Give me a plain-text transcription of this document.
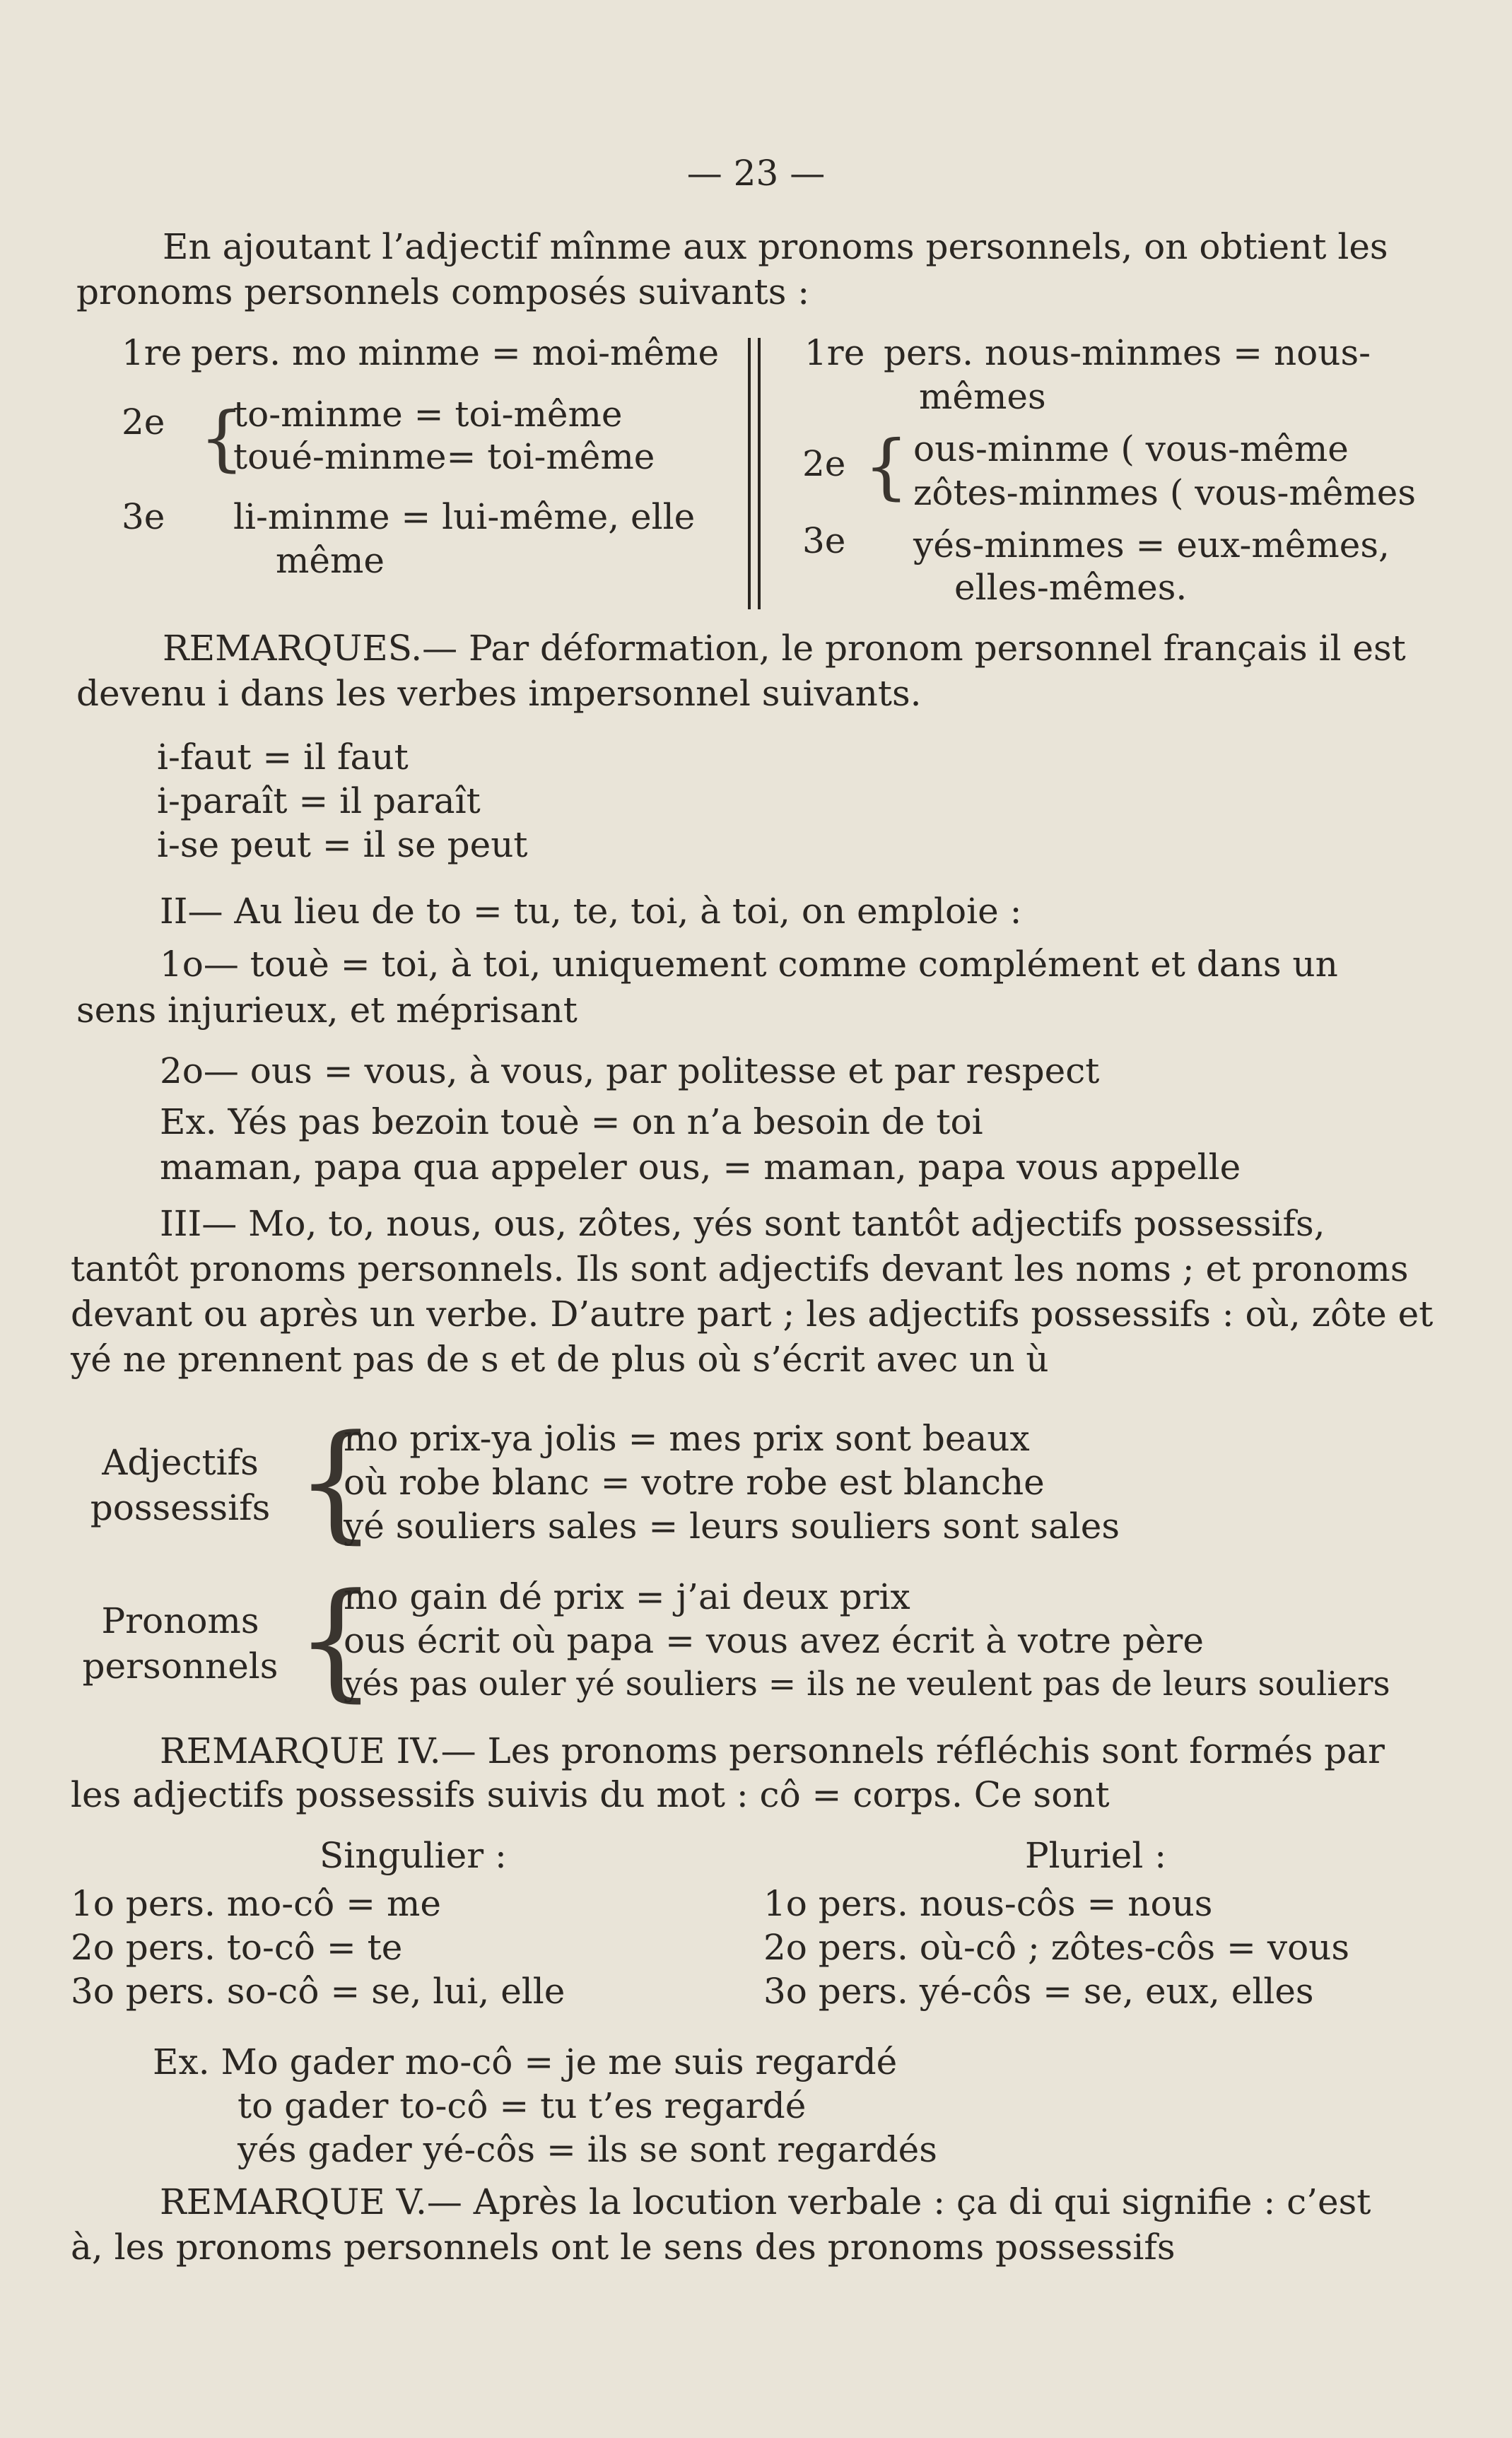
— 23 —
En ajoutant l’adjectif mînme aux pronoms personnels, on obtient les
pronoms personnels composés suivants :
1re pers. mo minme = moi-même
2e {
to-minme = toi-même
toué-minme= toi-même
3e li-minme = lui-même, elle
même
1re pers. nous-minmes = nous-
mêmes
2e { ous-minme ( vous-même
zôtes-minmes ( vous-mêmes
3e yés-minmes = eux-mêmes,
elles-mêmes.
REMARQUES.— Par déformation, le pronom personnel français il est
devenu i dans les verbes impersonnel suivants.
i-faut = il faut
i-paraît = il paraît
i-se peut = il se peut
II— Au lieu de to = tu, te, toi, à toi, on emploie :
1o— touè = toi, à toi, uniquement comme complément et dans un
sens injurieux, et méprisant
2o— ous = vous, à vous, par politesse et par respect
Ex. Yés pas bezoin touè = on n’a besoin de toi
maman, papa qua appeler ous, = maman, papa vous appelle
III— Mo, to, nous, ous, zôtes, yés sont tantôt adjectifs possessifs,
tantôt pronoms personnels. Ils sont adjectifs devant les noms ; et pronoms
devant ou après un verbe. D’autre part ; les adjectifs possessifs : où, zôte et
yé ne prennent pas de s et de plus où s’écrit avec un ù
Adjectifs
possessifs {
mo prix-ya jolis = mes prix sont beaux
où robe blanc = votre robe est blanche
yé souliers sales = leurs souliers sont sales
Pronoms
personnels {
mo gain dé prix = j’ai deux prix
ous écrit où papa = vous avez écrit à votre père
yés pas ouler yé souliers = ils ne veulent pas de leurs souliers
REMARQUE IV.— Les pronoms personnels réfléchis sont formés par
les adjectifs possessifs suivis du mot : cô = corps. Ce sont
Singulier :	Pluriel :
1o pers. mo-cô = me
2o pers. to-cô = te
3o pers. so-cô = se, lui, elle
1o pers. nous-côs = nous
2o pers. où-cô ; zôtes-côs = vous
3o pers. yé-côs = se, eux, elles
Ex. Mo gader mo-cô = je me suis regardé
to gader to-cô = tu t’es regardé
yés gader yé-côs = ils se sont regardés
REMARQUE V.— Après la locution verbale : ça di qui signifie : c’est
à, les pronoms personnels ont le sens des pronoms possessifs
